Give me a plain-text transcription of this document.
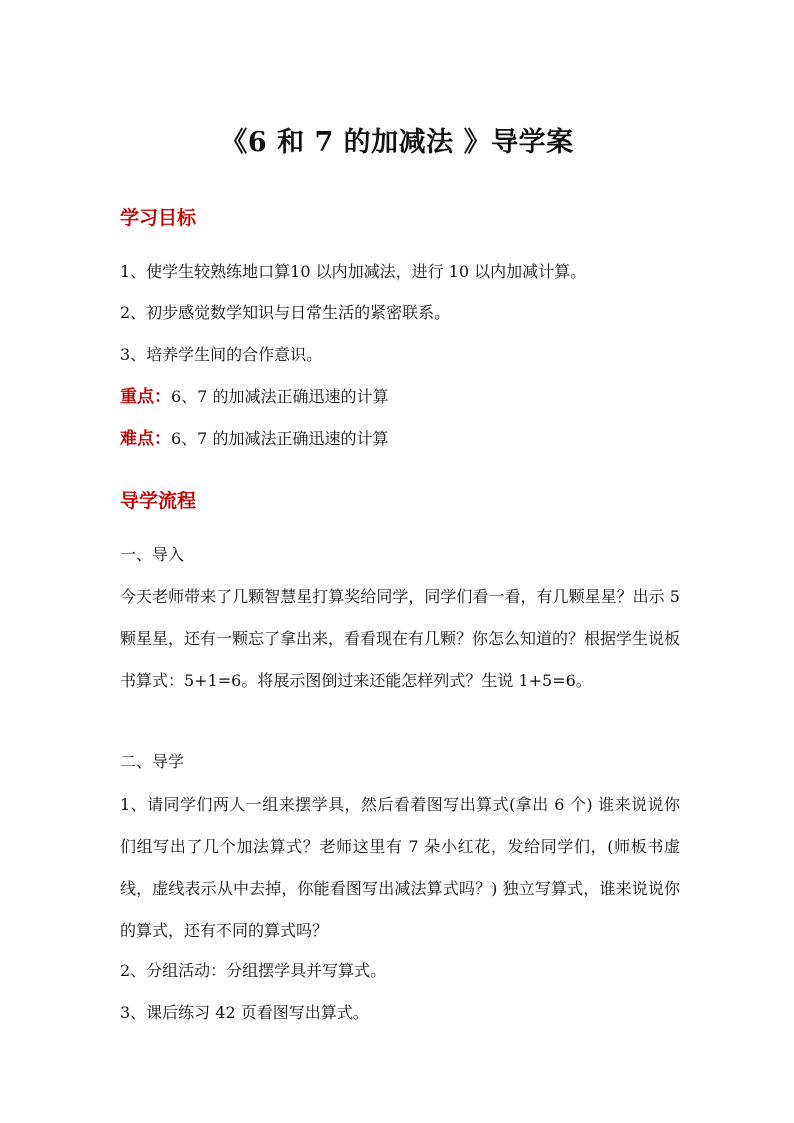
《6 和 7 的加减法 》导学案
学习目标
1、使学生较熟练地口算10 以内加减法，进行 10 以内加减计算。
2、初步感觉数学知识与日常生活的紧密联系。
3、培养学生间的合作意识。
重点：6、7 的加减法正确迅速的计算
难点：6、7 的加减法正确迅速的计算
导学流程
一、导入
今天老师带来了几颗智慧星打算奖给同学，同学们看一看，有几颗星星？出示 5 颗星星，还有一颗忘了拿出来，看看现在有几颗？你怎么知道的？根据学生说板书算式：5+1=6。将展示图倒过来还能怎样列式？生说 1+5=6。
二、导学
1、请同学们两人一组来摆学具，然后看着图写出算式(拿出 6 个) 谁来说说你们组写出了几个加法算式？老师这里有 7 朵小红花，发给同学们，(师板书虚线，虚线表示从中去掉，你能看图写出减法算式吗？) 独立写算式，谁来说说你的算式，还有不同的算式吗？
2、分组活动：分组摆学具并写算式。
3、课后练习 42 页看图写出算式。
